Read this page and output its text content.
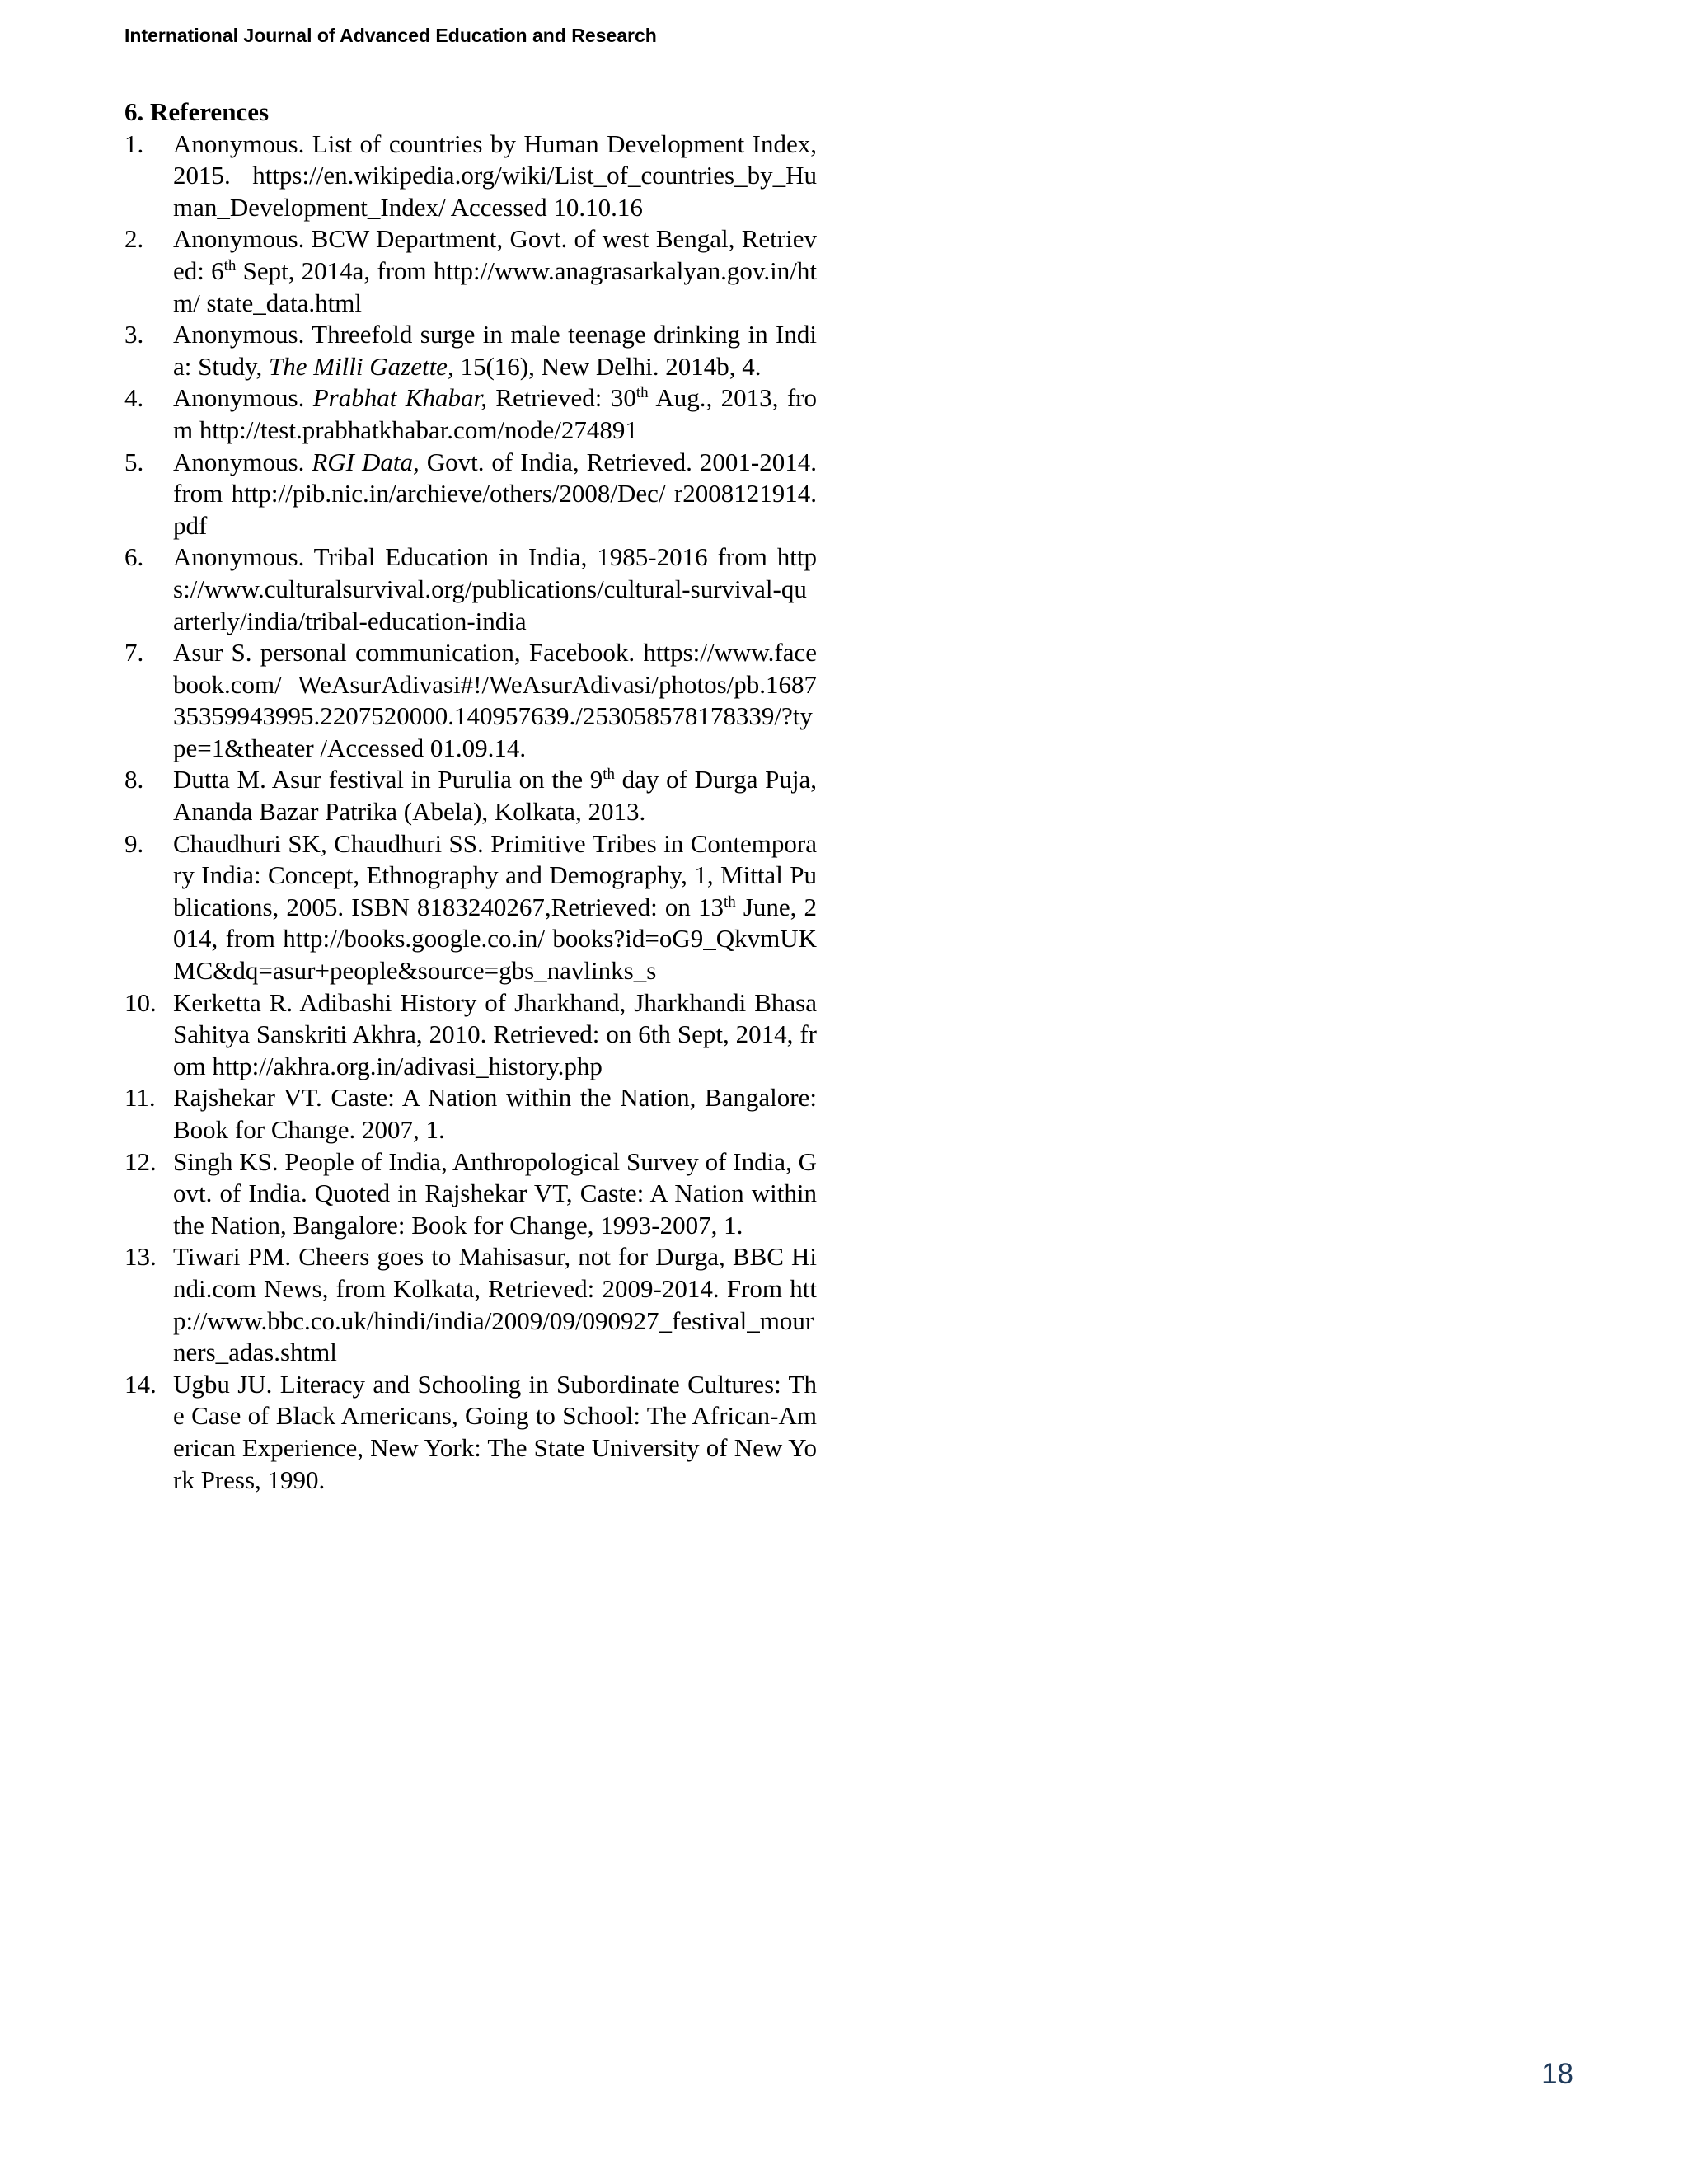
International Journal of Advanced Education and Research
6. References
1. Anonymous. List of countries by Human Development Index, 2015. https://en.wikipedia.org/wiki/List_of_countries_by_Human_Development_Index/ Accessed 10.10.16
2. Anonymous. BCW Department, Govt. of west Bengal, Retrieved: 6th Sept, 2014a, from http://www.anagrasarkalyan.gov.in/htm/ state_data.html
3. Anonymous. Threefold surge in male teenage drinking in India: Study, The Milli Gazette, 15(16), New Delhi. 2014b, 4.
4. Anonymous. Prabhat Khabar, Retrieved: 30th Aug., 2013, from http://test.prabhatkhabar.com/node/274891
5. Anonymous. RGI Data, Govt. of India, Retrieved. 2001-2014. from http://pib.nic.in/archieve/others/2008/Dec/ r2008121914.pdf
6. Anonymous. Tribal Education in India, 1985-2016 from https://www.culturalsurvival.org/publications/cultural-survival-quarterly/india/tribal-education-india
7. Asur S. personal communication, Facebook. https://www.facebook.com/ WeAsurAdivasi#!/WeAsurAdivasi/photos/pb.168735359943995.2207520000.140957639./253058578178339/?type=1&theater /Accessed 01.09.14.
8. Dutta M. Asur festival in Purulia on the 9th day of Durga Puja, Ananda Bazar Patrika (Abela), Kolkata, 2013.
9. Chaudhuri SK, Chaudhuri SS. Primitive Tribes in Contemporary India: Concept, Ethnography and Demography, 1, Mittal Publications, 2005. ISBN 8183240267,Retrieved: on 13th June, 2014, from http://books.google.co.in/ books?id=oG9_QkvmUKMC&dq=asur+people&source=gbs_navlinks_s
10. Kerketta R. Adibashi History of Jharkhand, Jharkhandi Bhasa Sahitya Sanskriti Akhra, 2010. Retrieved: on 6th Sept, 2014, from http://akhra.org.in/adivasi_history.php
11. Rajshekar VT. Caste: A Nation within the Nation, Bangalore: Book for Change. 2007, 1.
12. Singh KS. People of India, Anthropological Survey of India, Govt. of India. Quoted in Rajshekar VT, Caste: A Nation within the Nation, Bangalore: Book for Change, 1993-2007, 1.
13. Tiwari PM. Cheers goes to Mahisasur, not for Durga, BBC Hindi.com News, from Kolkata, Retrieved: 2009-2014. From http://www.bbc.co.uk/hindi/india/2009/09/090927_festival_mourners_adas.shtml
14. Ugbu JU. Literacy and Schooling in Subordinate Cultures: The Case of Black Americans, Going to School: The African-American Experience, New York: The State University of New York Press, 1990.
18
